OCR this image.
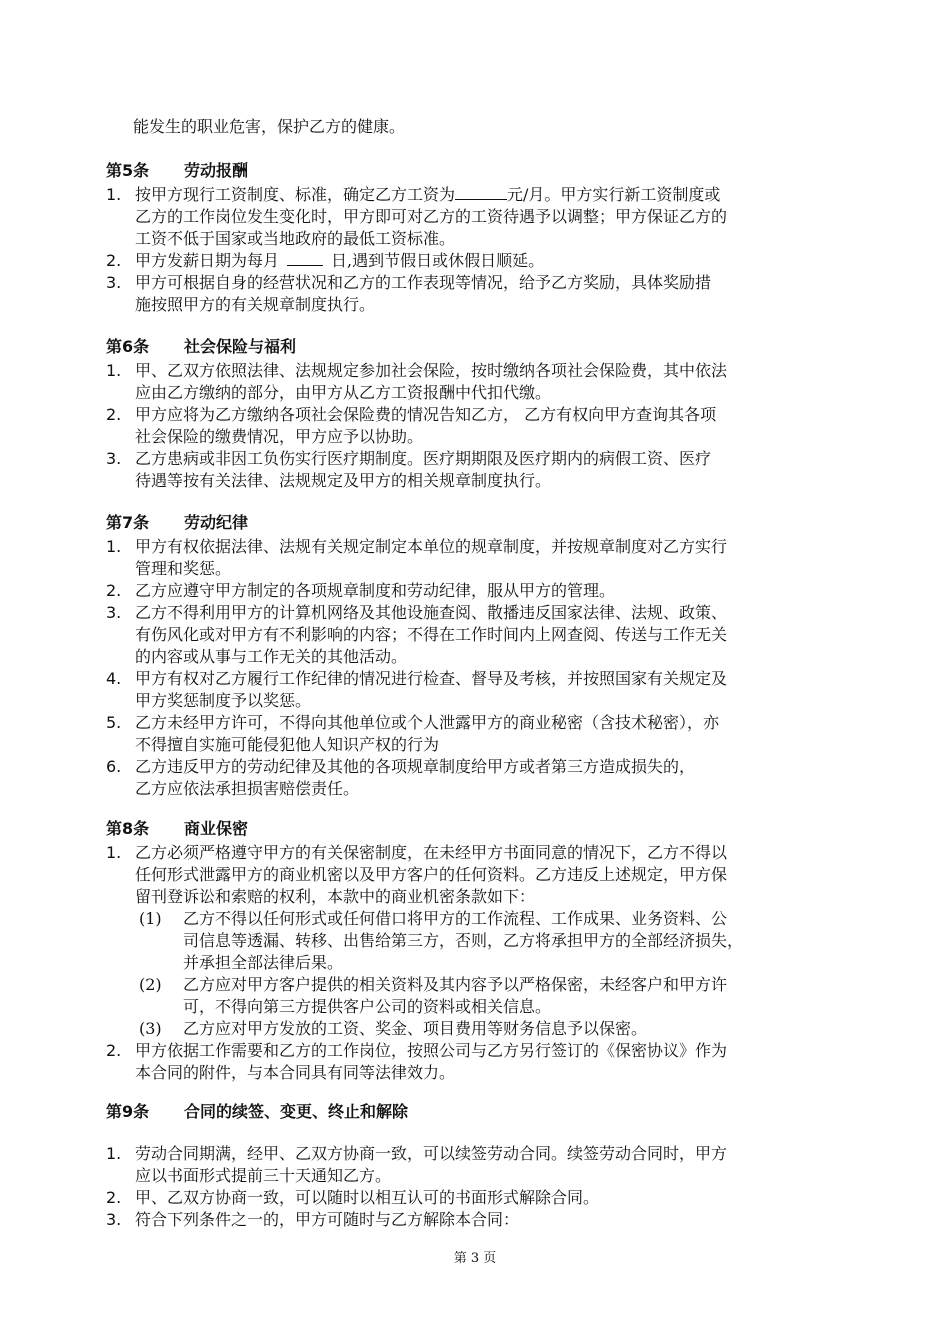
能发生的职业危害，保护乙方的健康。
第5条 劳动报酬
1. 按甲方现行工资制度、标准，确定乙方工资为	元/月。甲方实行新工资制度或
乙方的工作岗位发生变化时，甲方即可对乙方的工资待遇予以调整；甲方保证乙方的
工资不低于国家或当地政府的最低工资标准。
2. 甲方发薪日期为每月	日,遇到节假日或休假日顺延。
3. 甲方可根据自身的经营状况和乙方的工作表现等情况，给予乙方奖励，具体奖励措
施按照甲方的有关规章制度执行。
第6条 社会保险与福利
1. 甲、乙双方依照法律、法规规定参加社会保险，按时缴纳各项社会保险费，其中依法
应由乙方缴纳的部分，由甲方从乙方工资报酬中代扣代缴。
2. 甲方应将为乙方缴纳各项社会保险费的情况告知乙方， 乙方有权向甲方查询其各项
社会保险的缴费情况，甲方应予以协助。
3. 乙方患病或非因工负伤实行医疗期制度。医疗期期限及医疗期内的病假工资、医疗
待遇等按有关法律、法规规定及甲方的相关规章制度执行。
第7条 劳动纪律
1. 甲方有权依据法律、法规有关规定制定本单位的规章制度，并按规章制度对乙方实行
管理和奖惩。
2. 乙方应遵守甲方制定的各项规章制度和劳动纪律，服从甲方的管理。
3. 乙方不得利用甲方的计算机网络及其他设施查阅、散播违反国家法律、法规、政策、
有伤风化或对甲方有不利影响的内容；不得在工作时间内上网查阅、传送与工作无关
的内容或从事与工作无关的其他活动。
4. 甲方有权对乙方履行工作纪律的情况进行检查、督导及考核，并按照国家有关规定及
甲方奖惩制度予以奖惩。
5. 乙方未经甲方许可，不得向其他单位或个人泄露甲方的商业秘密（含技术秘密），亦
不得擅自实施可能侵犯他人知识产权的行为
6. 乙方违反甲方的劳动纪律及其他的各项规章制度给甲方或者第三方造成损失的，
乙方应依法承担损害赔偿责任。
第8条 商业保密
1. 乙方必须严格遵守甲方的有关保密制度，在未经甲方书面同意的情况下，乙方不得以
任何形式泄露甲方的商业机密以及甲方客户的任何资料。乙方违反上述规定，甲方保
留刊登诉讼和索赔的权利，本款中的商业机密条款如下：
(1) 乙方不得以任何形式或任何借口将甲方的工作流程、工作成果、业务资料、公
司信息等透漏、转移、出售给第三方，否则，乙方将承担甲方的全部经济损失，
并承担全部法律后果。
(2) 乙方应对甲方客户提供的相关资料及其内容予以严格保密，未经客户和甲方许
可，不得向第三方提供客户公司的资料或相关信息。
(3) 乙方应对甲方发放的工资、奖金、项目费用等财务信息予以保密。
2. 甲方依据工作需要和乙方的工作岗位，按照公司与乙方另行签订的《保密协议》作为
本合同的附件，与本合同具有同等法律效力。
第9条 合同的续签、变更、终止和解除
1. 劳动合同期满，经甲、乙双方协商一致，可以续签劳动合同。续签劳动合同时，甲方
应以书面形式提前三十天通知乙方。
2. 甲、乙双方协商一致，可以随时以相互认可的书面形式解除合同。
3. 符合下列条件之一的，甲方可随时与乙方解除本合同：
第 3 页
